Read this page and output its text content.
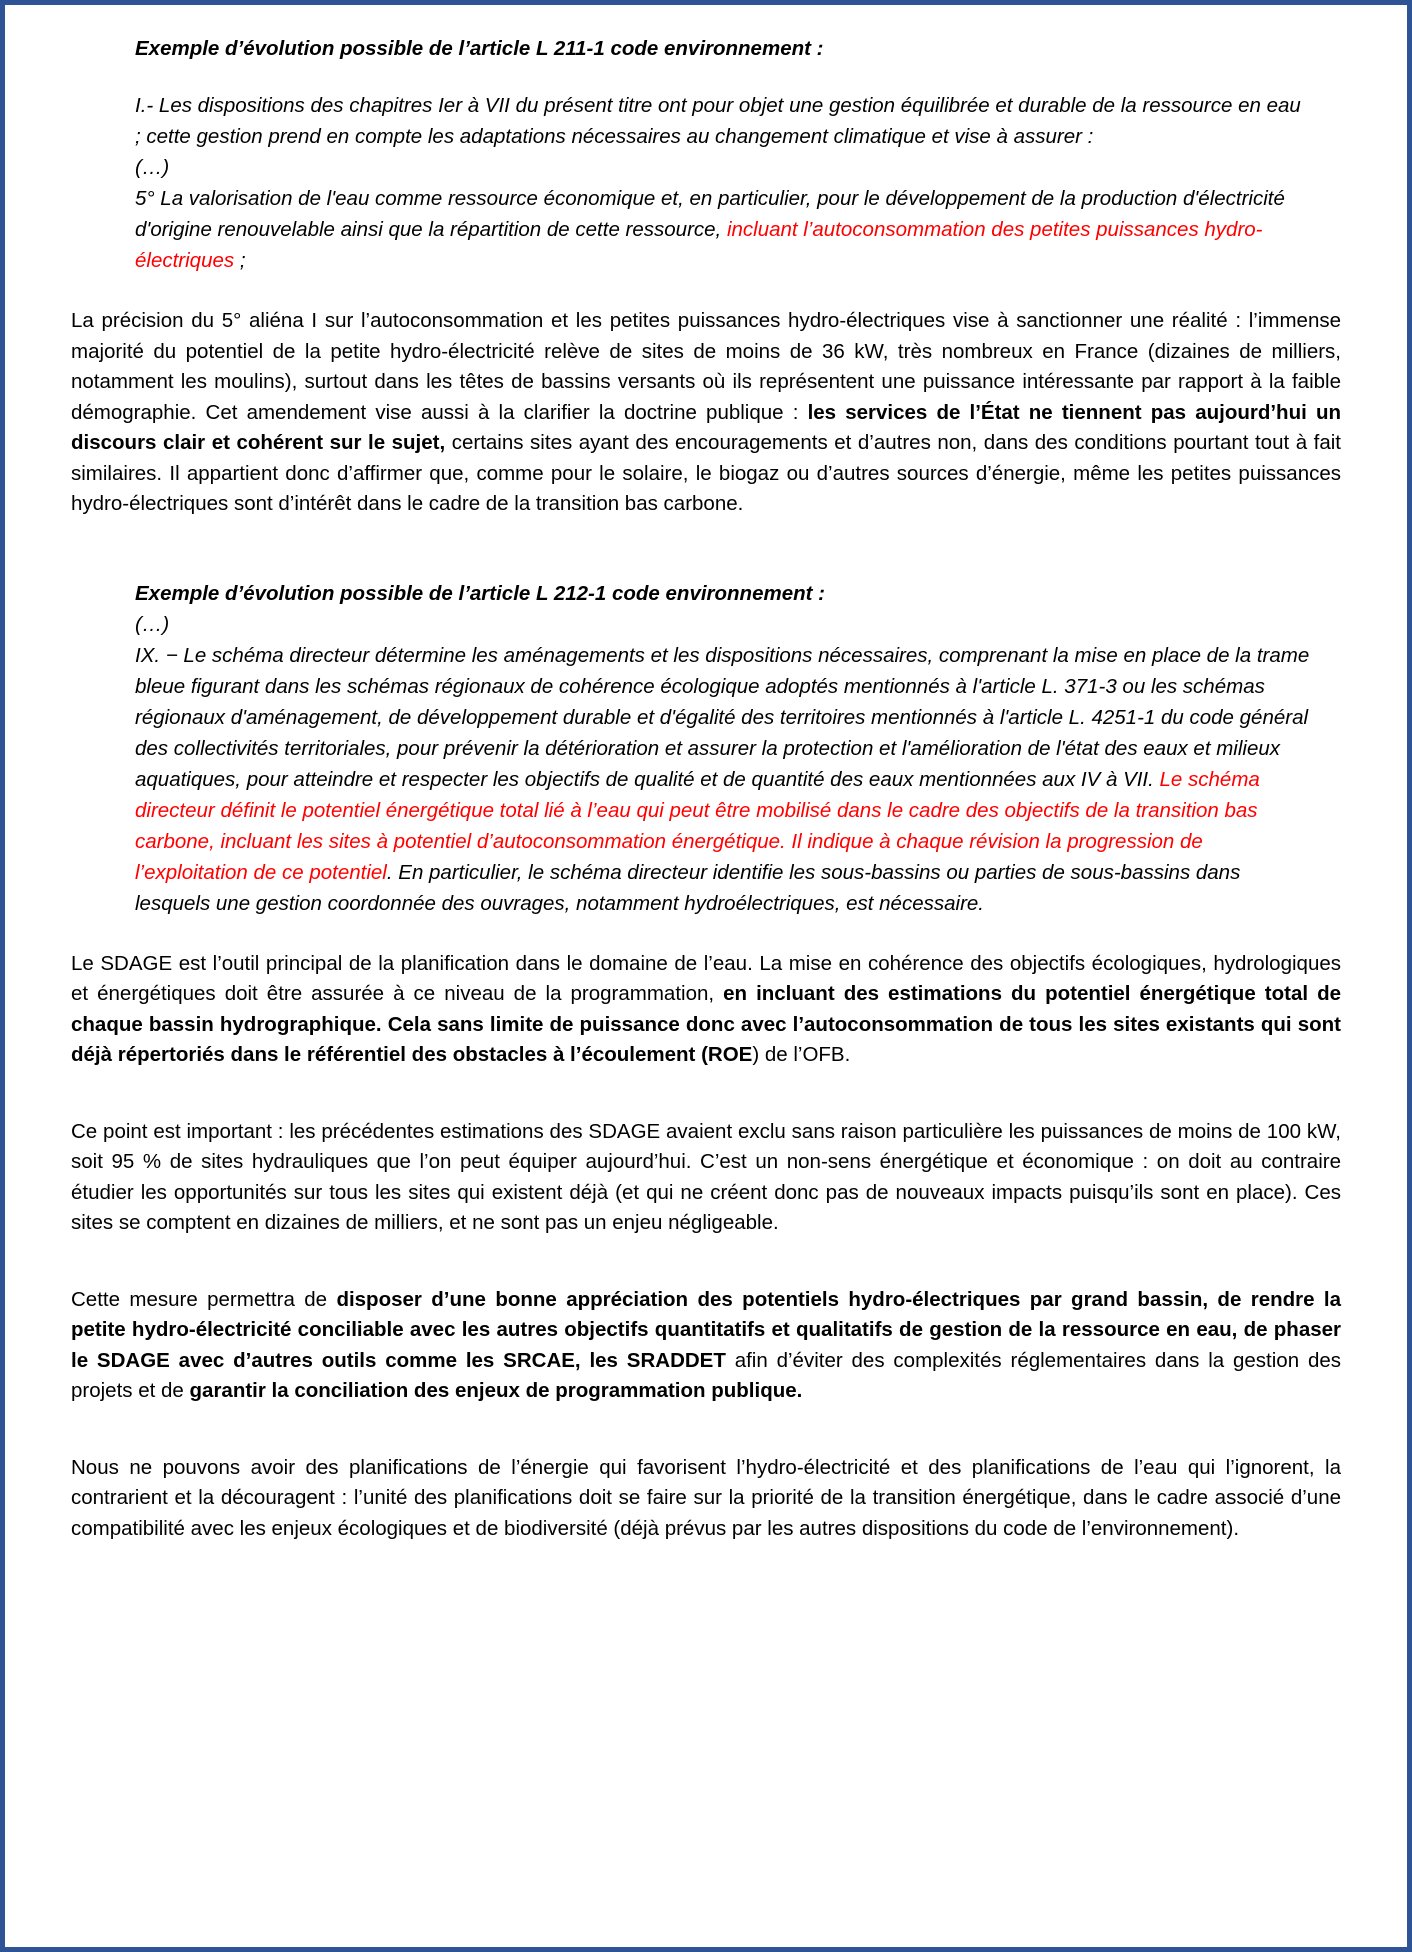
Exemple d’évolution possible de l’article L 211-1 code environnement :

I.- Les dispositions des chapitres Ier à VII du présent titre ont pour objet une gestion équilibrée et durable de la ressource en eau ; cette gestion prend en compte les adaptations nécessaires au changement climatique et vise à assurer :

(…)

5° La valorisation de l'eau comme ressource économique et, en particulier, pour le développement de la production d'électricité d'origine renouvelable ainsi que la répartition de cette ressource, incluant l’autoconsommation des petites puissances hydro-électriques ;

La précision du 5° aliéna I sur l’autoconsommation et les petites puissances hydro-électriques vise à sanctionner une réalité : l’immense majorité du potentiel de la petite hydro-électricité relève de sites de moins de 36 kW, très nombreux en France (dizaines de milliers, notamment les moulins), surtout dans les têtes de bassins versants où ils représentent une puissance intéressante par rapport à la faible démographie. Cet amendement vise aussi à la clarifier la doctrine publique : les services de l’État ne tiennent pas aujourd’hui un discours clair et cohérent sur le sujet, certains sites ayant des encouragements et d’autres non, dans des conditions pourtant tout à fait similaires. Il appartient donc d’affirmer que, comme pour le solaire, le biogaz ou d’autres sources d’énergie, même les petites puissances hydro-électriques sont d’intérêt dans le cadre de la transition bas carbone.

Exemple d’évolution possible de l’article L 212-1 code environnement :

(…)

IX. − Le schéma directeur détermine les aménagements et les dispositions nécessaires, comprenant la mise en place de la trame bleue figurant dans les schémas régionaux de cohérence écologique adoptés mentionnés à l'article L. 371-3 ou les schémas régionaux d'aménagement, de développement durable et d'égalité des territoires mentionnés à l'article L. 4251-1 du code général des collectivités territoriales, pour prévenir la détérioration et assurer la protection et l'amélioration de l'état des eaux et milieux aquatiques, pour atteindre et respecter les objectifs de qualité et de quantité des eaux mentionnées aux IV à VII. Le schéma directeur définit le potentiel énergétique total lié à l’eau qui peut être mobilisé dans le cadre des objectifs de la transition bas carbone, incluant les sites à potentiel d’autoconsommation énergétique. Il indique à chaque révision la progression de l’exploitation de ce potentiel. En particulier, le schéma directeur identifie les sous-bassins ou parties de sous-bassins dans lesquels une gestion coordonnée des ouvrages, notamment hydroélectriques, est nécessaire.

Le SDAGE est l’outil principal de la planification dans le domaine de l’eau. La mise en cohérence des objectifs écologiques, hydrologiques et énergétiques doit être assurée à ce niveau de la programmation, en incluant des estimations du potentiel énergétique total de chaque bassin hydrographique. Cela sans limite de puissance donc avec l’autoconsommation de tous les sites existants qui sont déjà répertoriés dans le référentiel des obstacles à l’écoulement (ROE) de l’OFB.

Ce point est important : les précédentes estimations des SDAGE avaient exclu sans raison particulière les puissances de moins de 100 kW, soit 95 % de sites hydrauliques que l’on peut équiper aujourd’hui. C’est un non-sens énergétique et économique : on doit au contraire étudier les opportunités sur tous les sites qui existent déjà (et qui ne créent donc pas de nouveaux impacts puisqu’ils sont en place). Ces sites se comptent en dizaines de milliers, et ne sont pas un enjeu négligeable.

Cette mesure permettra de disposer d’une bonne appréciation des potentiels hydro-électriques par grand bassin, de rendre la petite hydro-électricité conciliable avec les autres objectifs quantitatifs et qualitatifs de gestion de la ressource en eau, de phaser le SDAGE avec d’autres outils comme les SRCAE, les SRADDET afin d’éviter des complexités réglementaires dans la gestion des projets et de garantir la conciliation des enjeux de programmation publique.

Nous ne pouvons avoir des planifications de l’énergie qui favorisent l’hydro-électricité et des planifications de l’eau qui l’ignorent, la contrarient et la découragent : l’unité des planifications doit se faire sur la priorité de la transition énergétique, dans le cadre associé d’une compatibilité avec les enjeux écologiques et de biodiversité (déjà prévus par les autres dispositions du code de l’environnement).
